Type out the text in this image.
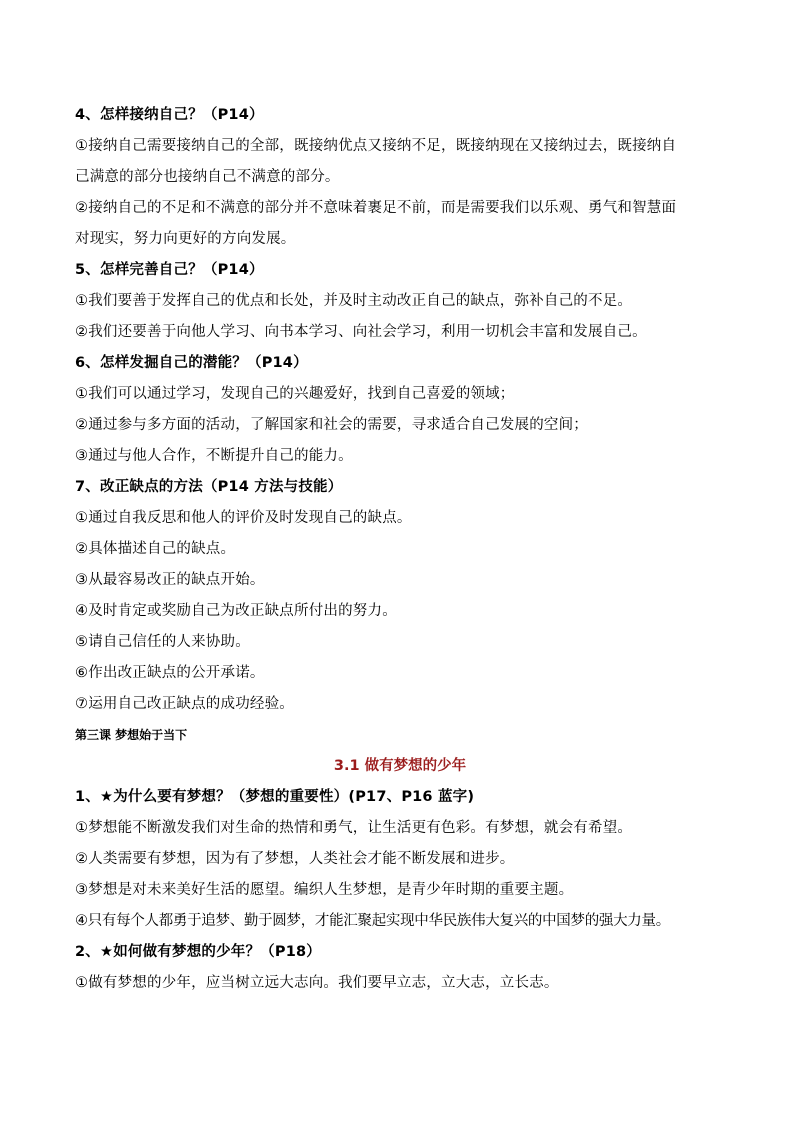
4、怎样接纳自己？（P14）
①接纳自己需要接纳自己的全部，既接纳优点又接纳不足，既接纳现在又接纳过去，既接纳自
己满意的部分也接纳自己不满意的部分。
②接纳自己的不足和不满意的部分并不意味着裹足不前，而是需要我们以乐观、勇气和智慧面
对现实，努力向更好的方向发展。
5、怎样完善自己？（P14）
①我们要善于发挥自己的优点和长处，并及时主动改正自己的缺点，弥补自己的不足。
②我们还要善于向他人学习、向书本学习、向社会学习，利用一切机会丰富和发展自己。
6、怎样发掘自己的潜能？（P14）
①我们可以通过学习，发现自己的兴趣爱好，找到自己喜爱的领域；
②通过参与多方面的活动，了解国家和社会的需要，寻求适合自己发展的空间；
③通过与他人合作，不断提升自己的能力。
7、改正缺点的方法（P14 方法与技能）
①通过自我反思和他人的评价及时发现自己的缺点。
②具体描述自己的缺点。
③从最容易改正的缺点开始。
④及时肯定或奖励自己为改正缺点所付出的努力。
⑤请自己信任的人来协助。
⑥作出改正缺点的公开承诺。
⑦运用自己改正缺点的成功经验。
第三课 梦想始于当下
3.1 做有梦想的少年
1、★为什么要有梦想？（梦想的重要性）(P17、P16 蓝字)
①梦想能不断激发我们对生命的热情和勇气，让生活更有色彩。有梦想，就会有希望。
②人类需要有梦想，因为有了梦想，人类社会才能不断发展和进步。
③梦想是对未来美好生活的愿望。编织人生梦想，是青少年时期的重要主题。
④只有每个人都勇于追梦、勤于圆梦，才能汇聚起实现中华民族伟大复兴的中国梦的强大力量。
2、★如何做有梦想的少年？（P18）
①做有梦想的少年，应当树立远大志向。我们要早立志，立大志，立长志。
